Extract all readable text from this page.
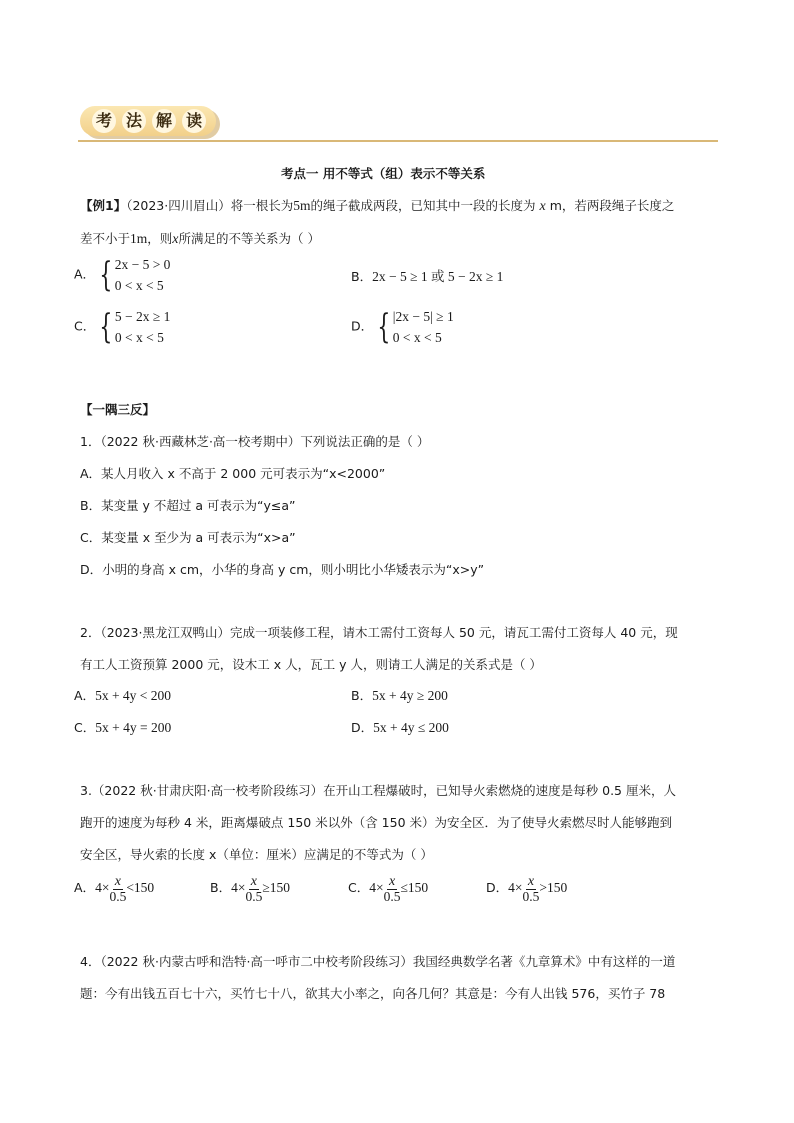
考 法 解 读
考点一 用不等式（组）表示不等关系
【例1】（2023·四川眉山）将一根长为5m的绳子截成两段，已知其中一段的长度为 x m，若两段绳子长度之
差不小于1m，则x所满足的不等关系为（ ）
A． { 2x − 5 > 0
0 < x < 5
B．2x − 5 ≥ 1 或 5 − 2x ≥ 1
C． { 5 − 2x ≥ 1
0 < x < 5
D． { |2x − 5| ≥ 1
0 < x < 5
【一隅三反】
1．（2022 秋·西藏林芝·高一校考期中）下列说法正确的是（ ）
A．某人月收入 x 不高于 2 000 元可表示为“x<2000”
B．某变量 y 不超过 a 可表示为“y≤a”
C．某变量 x 至少为 a 可表示为“x>a”
D．小明的身高 x cm，小华的身高 y cm，则小明比小华矮表示为“x>y”
2．（2023·黑龙江双鸭山）完成一项装修工程，请木工需付工资每人 50 元，请瓦工需付工资每人 40 元，现
有工人工资预算 2000 元，设木工 x 人，瓦工 y 人，则请工人满足的关系式是（ ）
A．5x + 4y < 200	B．5x + 4y ≥ 200
C．5x + 4y = 200	D．5x + 4y ≤ 200
3.（2022 秋·甘肃庆阳·高一校考阶段练习）在开山工程爆破时，已知导火索燃烧的速度是每秒 0.5 厘米，人
跑开的速度为每秒 4 米，距离爆破点 150 米以外（含 150 米）为安全区．为了使导火索燃尽时人能够跑到
安全区，导火索的长度 x（单位：厘米）应满足的不等式为（ ）
A．$4\times \frac{x}{0.5} <150$	B．$4\times \frac{x}{0.5} \ge 150$	C．$4\times \frac{x}{0.5} \le 150$	D．$4\times \frac{x}{0.5} >150$
4．（2022 秋·内蒙古呼和浩特·高一呼市二中校考阶段练习）我国经典数学名著《九章算术》中有这样的一道
题：今有出钱五百七十六，买竹七十八，欲其大小率之，向各几何？其意是：今有人出钱 576，买竹子 78
